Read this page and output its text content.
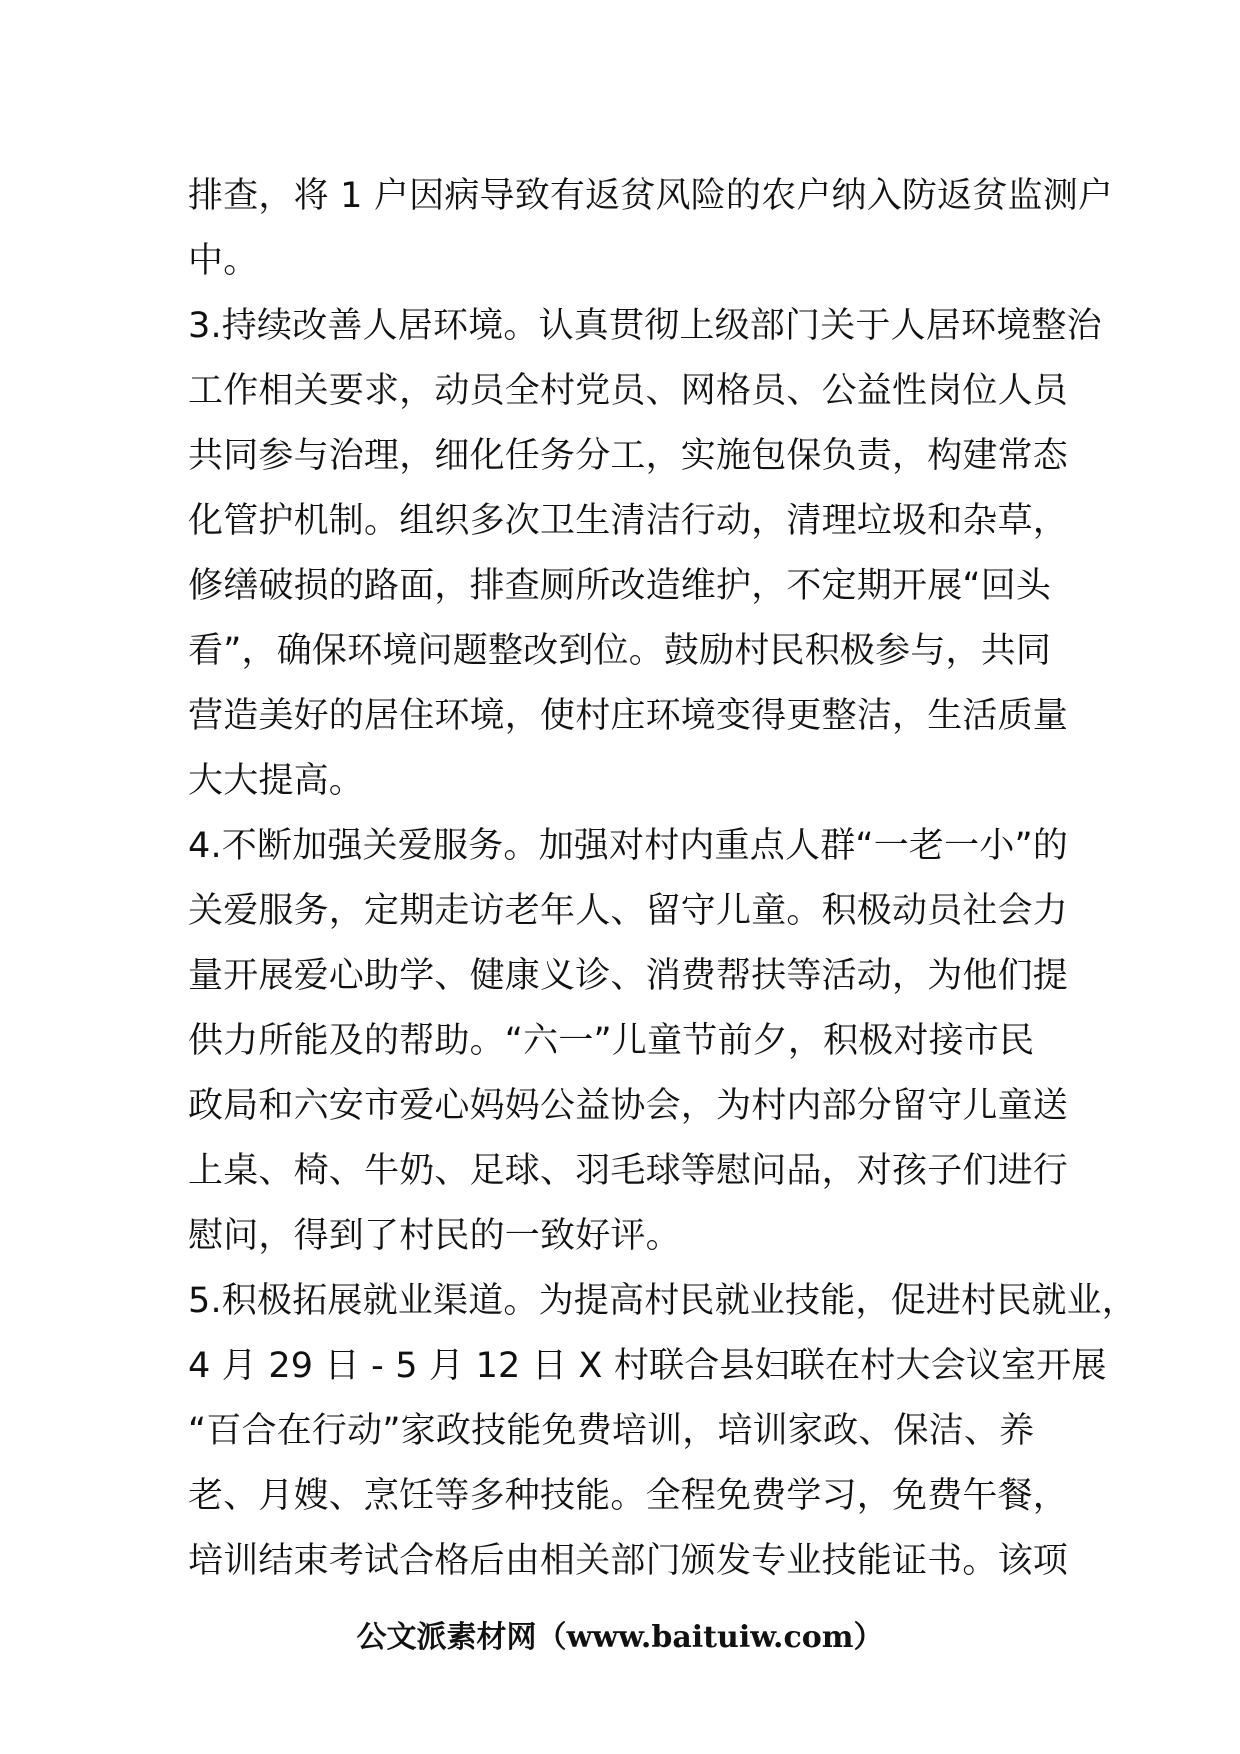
排查，将 1 户因病导致有返贫风险的农户纳入防返贫监测户
中。
3.持续改善人居环境。认真贯彻上级部门关于人居环境整治
工作相关要求，动员全村党员、网格员、公益性岗位人员
共同参与治理，细化任务分工，实施包保负责，构建常态
化管护机制。组织多次卫生清洁行动，清理垃圾和杂草，
修缮破损的路面，排查厕所改造维护，不定期开展“回头
看”，确保环境问题整改到位。鼓励村民积极参与，共同
营造美好的居住环境，使村庄环境变得更整洁，生活质量
大大提高。
4.不断加强关爱服务。加强对村内重点人群“一老一小”的
关爱服务，定期走访老年人、留守儿童。积极动员社会力
量开展爱心助学、健康义诊、消费帮扶等活动，为他们提
供力所能及的帮助。“六一”儿童节前夕，积极对接市民
政局和六安市爱心妈妈公益协会，为村内部分留守儿童送
上桌、椅、牛奶、足球、羽毛球等慰问品，对孩子们进行
慰问，得到了村民的一致好评。
5.积极拓展就业渠道。为提高村民就业技能，促进村民就业，
4 月 29 日 - 5 月 12 日 X 村联合县妇联在村大会议室开展
“百合在行动”家政技能免费培训，培训家政、保洁、养
老、月嫂、烹饪等多种技能。全程免费学习，免费午餐，
培训结束考试合格后由相关部门颁发专业技能证书。该项
公文派素材网（www.baituiw.com）
